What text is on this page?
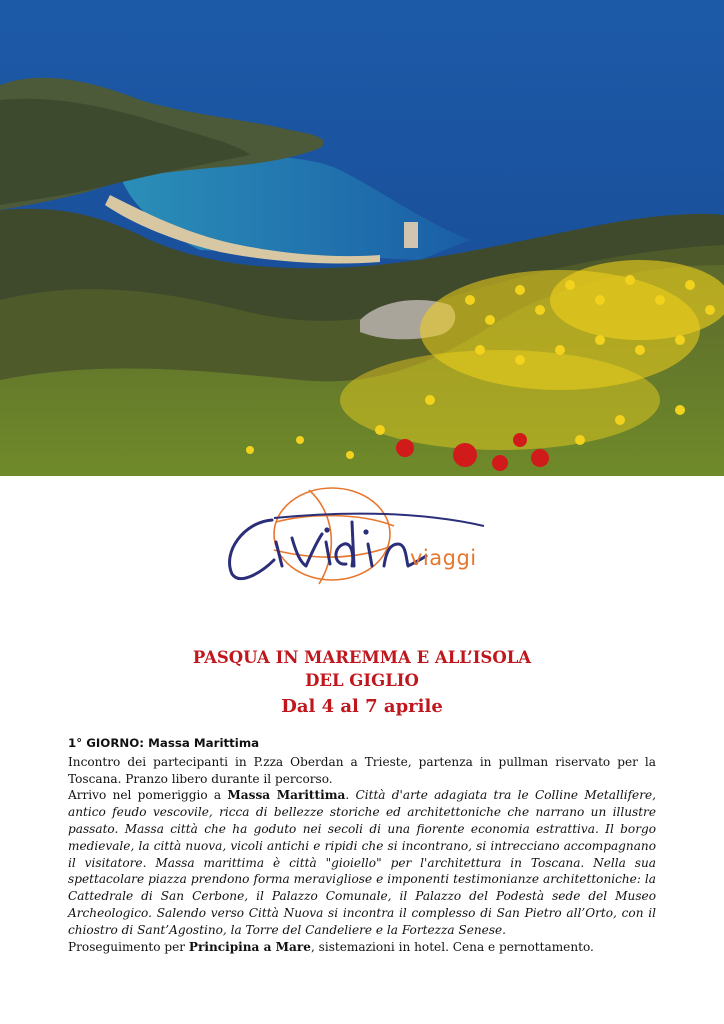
viaggi
PASQUA IN MAREMMA E ALL’ISOLA
DEL GIGLIO
Dal 4 al 7 aprile

1° GIORNO: Massa Marittima

Incontro dei partecipanti in P.zza Oberdan a Trieste, partenza in pullman riservato per la Toscana. Pranzo libero durante il percorso.

Arrivo nel pomeriggio a Massa Marittima. Città d'arte adagiata tra le Colline Metallifere, antico feudo vescovile, ricca di bellezze storiche ed architettoniche che narrano un illustre passato. Massa città che ha goduto nei secoli di una fiorente economia estrattiva. Il borgo medievale, la città nuova, vicoli antichi e ripidi che si incontrano, si intrecciano accompagnano il visitatore. Massa marittima è città "gioiello" per l'architettura in Toscana. Nella sua spettacolare piazza prendono forma meravigliose e imponenti testimonianze architettoniche: la Cattedrale di San Cerbone, il Palazzo Comunale, il Palazzo del Podestà sede del Museo Archeologico. Salendo verso Città Nuova si incontra il complesso di San Pietro all’Orto, con il chiostro di Sant’Agostino, la Torre del Candeliere e la Fortezza Senese.

Proseguimento per Principina a Mare, sistemazioni in hotel. Cena e pernottamento.
